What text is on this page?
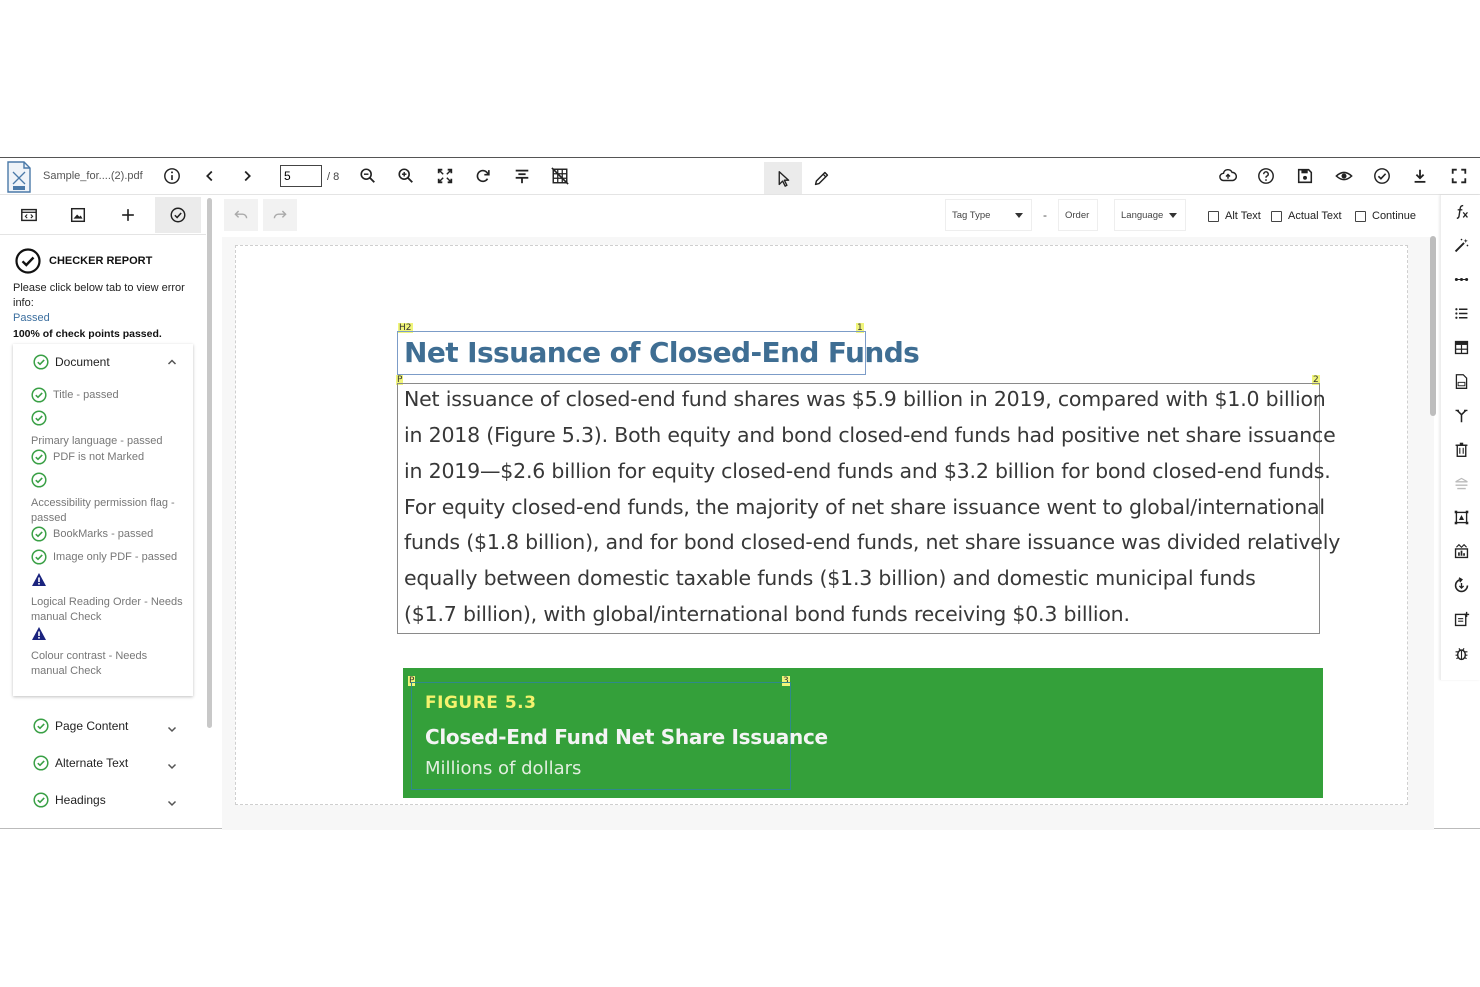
Sample_for....(2).pdf
5	/ 8
CHECKER REPORT
Please click below tab to view error info:
Passed
100% of check points passed.
Document
Title - passed
Primary language - passed
PDF is not Marked
Accessibility permission flag - passed
BookMarks - passed
Image only PDF - passed
Logical Reading Order - Needs manual Check
Colour contrast - Needs manual Check
Page Content
Alternate Text
Headings
Tag Type	- Order	Language	Alt Text Actual Text	Continue
H2	1
Net Issuance of Closed-End Funds
P	2
Net issuance of closed-end fund shares was $5.9 billion in 2019, compared with $1.0 billion
in 2018 (Figure 5.3). Both equity and bond closed-end funds had positive net share issuance
in 2019—$2.6 billion for equity closed-end funds and $3.2 billion for bond closed-end funds.
For equity closed-end funds, the majority of net share issuance went to global/international
funds ($1.8 billion), and for bond closed-end funds, net share issuance was divided relatively
equally between domestic taxable funds ($1.3 billion) and domestic municipal funds
($1.7 billion), with global/international bond funds receiving $0.3 billion.
P	3
FIGURE 5.3
Closed-End Fund Net Share Issuance
Millions of dollars
